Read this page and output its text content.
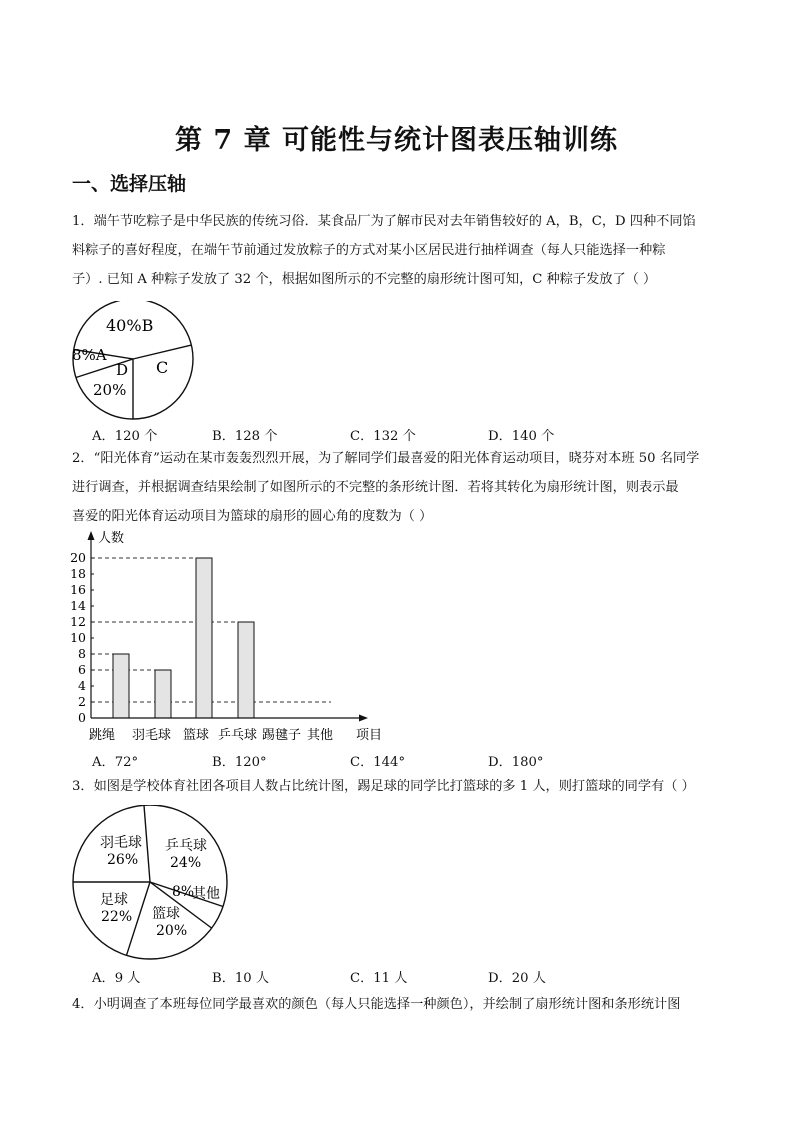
第 7 章 可能性与统计图表压轴训练
一、选择压轴
1．端午节吃粽子是中华民族的传统习俗．某食品厂为了解市民对去年销售较好的 A，B，C，D 四种不同馅
料粽子的喜好程度，在端午节前通过发放粽子的方式对某小区居民进行抽样调查（每人只能选择一种粽
子）. 已知 A 种粽子发放了 32 个，根据如图所示的不完整的扇形统计图可知，C 种粽子发放了（ ）
40%B
C
8%A
D
20%
A．120 个	B．128 个	C．132 个	D．140 个
2．“阳光体育”运动在某市轰轰烈烈开展，为了解同学们最喜爱的阳光体育运动项目，晓芬对本班 50 名同学
进行调查，并根据调查结果绘制了如图所示的不完整的条形统计图．若将其转化为扇形统计图，则表示最
喜爱的阳光体育运动项目为篮球的扇形的圆心角的度数为（ ）
0
2
4
6
8
10
12
14
16
18
20
跳绳 羽毛球 篮球 乒乓球 踢毽子 其他
人数
项目
A．72°	B．120°	C．144°	D．180°
3．如图是学校体育社团各项目人数占比统计图，踢足球的同学比打篮球的多 1 人，则打篮球的同学有（ ）
羽毛球
26%
乒乓球
24%
8%
其他
篮球
20%
足球
22%
A．9 人	B．10 人	C．11 人	D．20 人
4．小明调查了本班每位同学最喜欢的颜色（每人只能选择一种颜色），并绘制了扇形统计图和条形统计图
